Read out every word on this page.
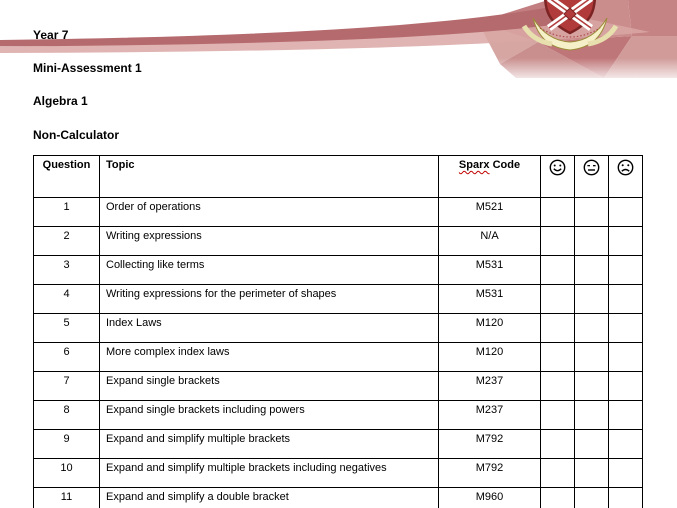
Year 7
Mini-Assessment 1
Algebra 1
Non-Calculator
Question	Topic	Sparx Code	

1	Order of operations	M521			
2	Writing expressions	N/A			
3	Collecting like terms	M531			
4	Writing expressions for the perimeter of shapes	M531			
5	Index Laws	M120			
6	More complex index laws	M120			
7	Expand single brackets	M237			
8	Expand single brackets including powers	M237			
9	Expand and simplify multiple brackets	M792			
10	Expand and simplify multiple brackets including negatives	M792			
11	Expand and simplify a double bracket	M960			
